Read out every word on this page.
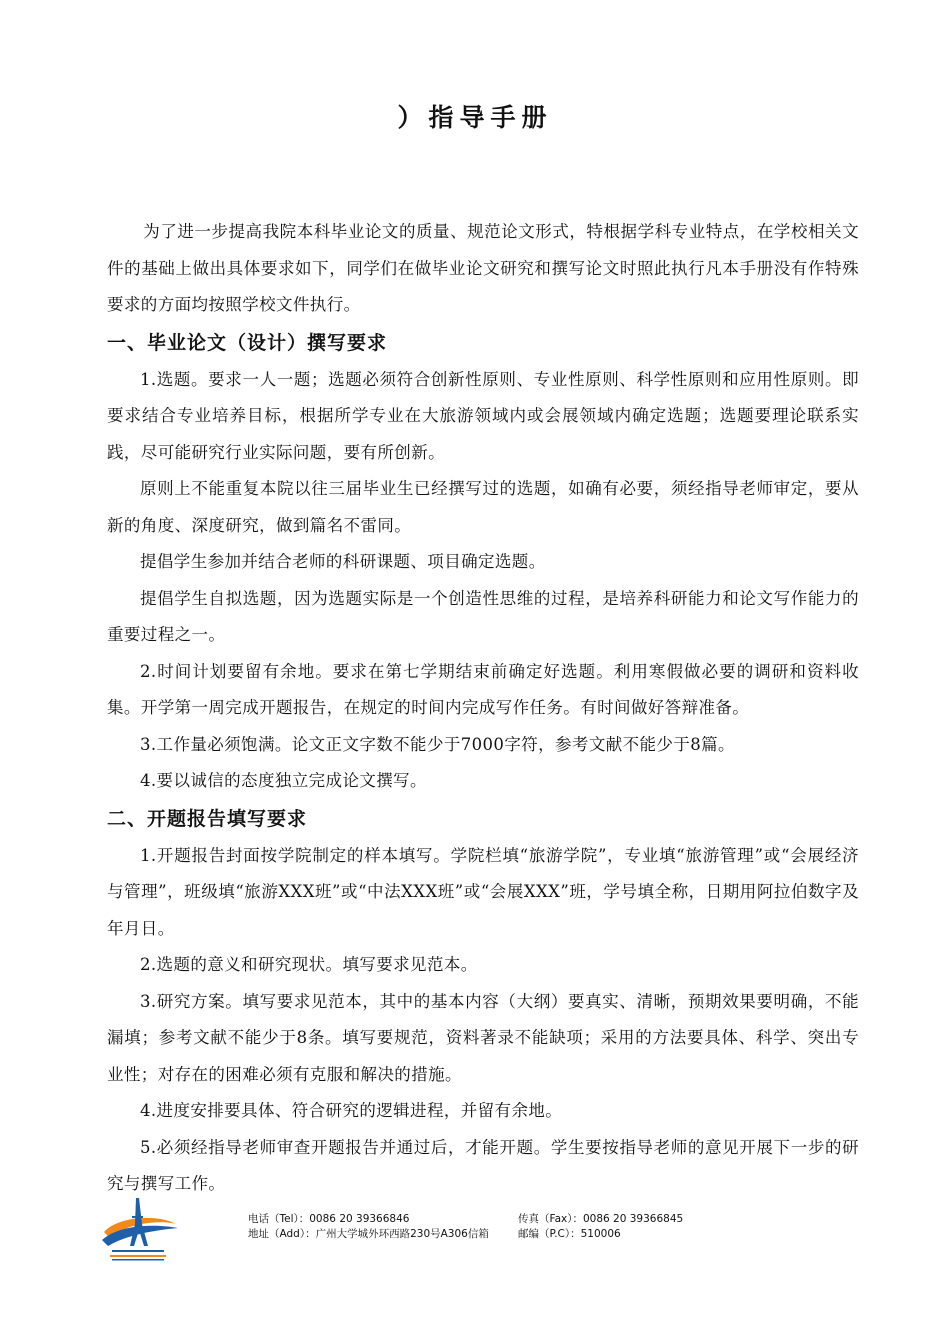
）指导手册

为了进一步提高我院本科毕业论文的质量、规范论文形式，特根据学科专业特点，在学校相关文件的基础上做出具体要求如下，同学们在做毕业论文研究和撰写论文时照此执行凡本手册没有作特殊要求的方面均按照学校文件执行。

一、毕业论文（设计）撰写要求

1.选题。要求一人一题；选题必须符合创新性原则、专业性原则、科学性原则和应用性原则。即要求结合专业培养目标，根据所学专业在大旅游领域内或会展领域内确定选题；选题要理论联系实践，尽可能研究行业实际问题，要有所创新。

原则上不能重复本院以往三届毕业生已经撰写过的选题，如确有必要，须经指导老师审定，要从新的角度、深度研究，做到篇名不雷同。

提倡学生参加并结合老师的科研课题、项目确定选题。

提倡学生自拟选题，因为选题实际是一个创造性思维的过程，是培养科研能力和论文写作能力的重要过程之一。

2.时间计划要留有余地。要求在第七学期结束前确定好选题。利用寒假做必要的调研和资料收集。开学第一周完成开题报告，在规定的时间内完成写作任务。有时间做好答辩准备。

3.工作量必须饱满。论文正文字数不能少于7000字符，参考文献不能少于8篇。

4.要以诚信的态度独立完成论文撰写。

二、开题报告填写要求

1.开题报告封面按学院制定的样本填写。学院栏填“旅游学院”，专业填“旅游管理”或“会展经济与管理”，班级填“旅游XXX班”或“中法XXX班”或“会展XXX”班，学号填全称，日期用阿拉伯数字及年月日。

2.选题的意义和研究现状。填写要求见范本。

3.研究方案。填写要求见范本，其中的基本内容（大纲）要真实、清晰，预期效果要明确，不能漏填；参考文献不能少于8条。填写要规范，资料著录不能缺项；采用的方法要具体、科学、突出专业性；对存在的困难必须有克服和解决的措施。

4.进度安排要具体、符合研究的逻辑进程，并留有余地。

5.必须经指导老师审查开题报告并通过后，才能开题。学生要按指导老师的意见开展下一步的研究与撰写工作。

电话（Tel）：0086 20 39366846	传真（Fax）：0086 20 39366845
地址（Add）：广州大学城外环西路230号A306信箱	邮编（P.C）：510006
